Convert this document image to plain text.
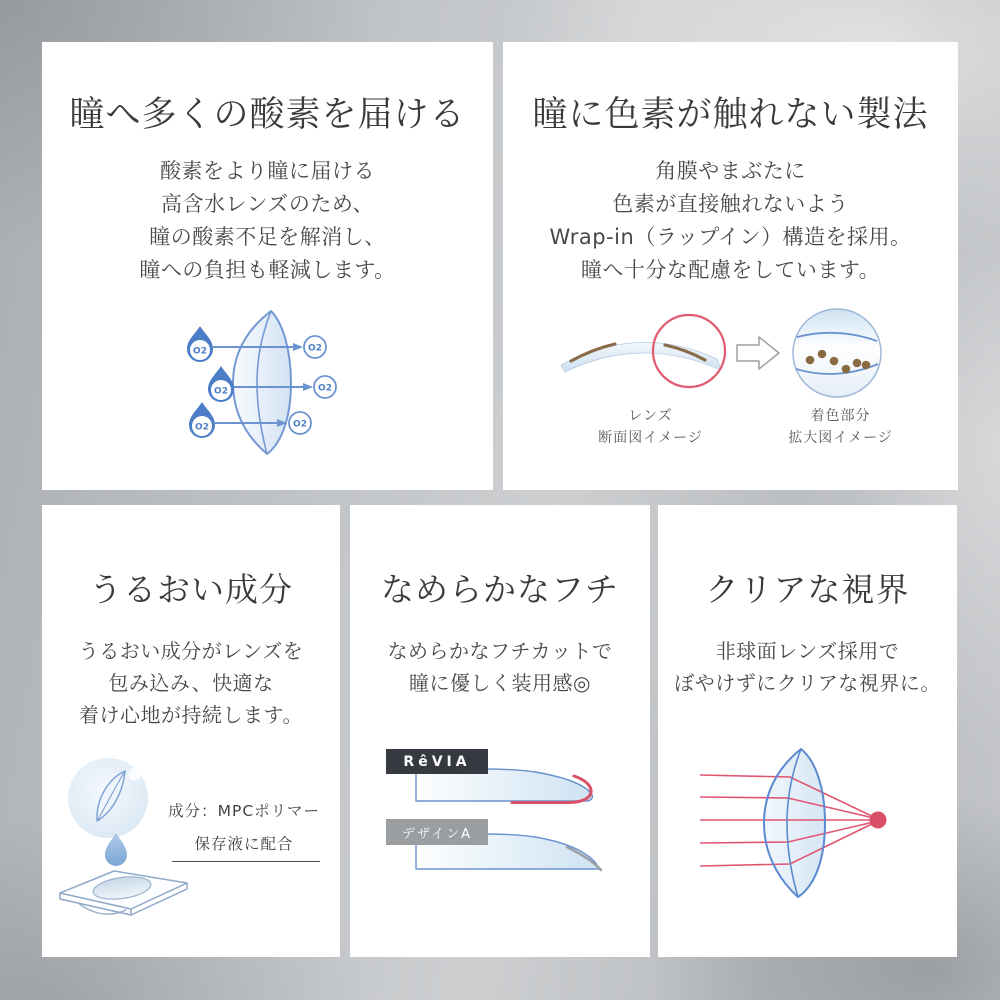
瞳へ多くの酸素を届ける
酸素をより瞳に届ける
高含水レンズのため、
瞳の酸素不足を解消し、
瞳への負担も軽減します。
O2
O2
O2
O2
O2
O2
瞳に色素が触れない製法
角膜やまぶたに
色素が直接触れないよう
Wrap-in（ラップイン）構造を採用。
瞳へ十分な配慮をしています。
レンズ
断面図イメージ
着色部分
拡大図イメージ
うるおい成分
うるおい成分がレンズを
包み込み、快適な
着け心地が持続します。
成分：MPCポリマー
保存液に配合
なめらかなフチ
なめらかなフチカットで
瞳に優しく装用感◎
RêVIA
デザインA
クリアな視界
非球面レンズ採用で
ぼやけずにクリアな視界に。
